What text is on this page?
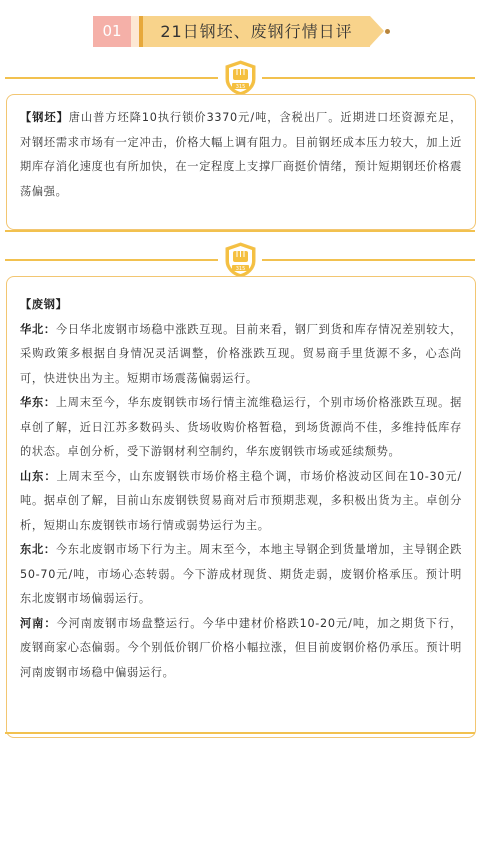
01	21日钢坯、废钢行情日评
315

【钢坯】唐山普方坯降10执行锁价3370元/吨，含税出厂。近期进口坯资源充足，对钢坯需求市场有一定冲击，价格大幅上调有阻力。目前钢坯成本压力较大，加上近期库存消化速度也有所加快，在一定程度上支撑厂商挺价情绪，预计短期钢坯价格震荡偏强。

315

【废钢】

华北：今日华北废钢市场稳中涨跌互现。目前来看，钢厂到货和库存情况差别较大，采购政策多根据自身情况灵活调整，价格涨跌互现。贸易商手里货源不多，心态尚可，快进快出为主。短期市场震荡偏弱运行。

华东：上周末至今，华东废钢铁市场行情主流维稳运行，个别市场价格涨跌互现。据卓创了解，近日江苏多数码头、货场收购价格暂稳，到场货源尚不佳，多维持低库存的状态。卓创分析，受下游钢材利空制约，华东废钢铁市场或延续颓势。

山东：上周末至今，山东废钢铁市场价格主稳个调，市场价格波动区间在10-30元/吨。据卓创了解，目前山东废钢铁贸易商对后市预期悲观，多积极出货为主。卓创分析，短期山东废钢铁市场行情或弱势运行为主。

东北：今东北废钢市场下行为主。周末至今，本地主导钢企到货量增加，主导钢企跌50-70元/吨，市场心态转弱。今下游成材现货、期货走弱，废钢价格承压。预计明东北废钢市场偏弱运行。

河南：今河南废钢市场盘整运行。今华中建材价格跌10-20元/吨，加之期货下行，废钢商家心态偏弱。今个别低价钢厂价格小幅拉涨，但目前废钢价格仍承压。预计明河南废钢市场稳中偏弱运行。
